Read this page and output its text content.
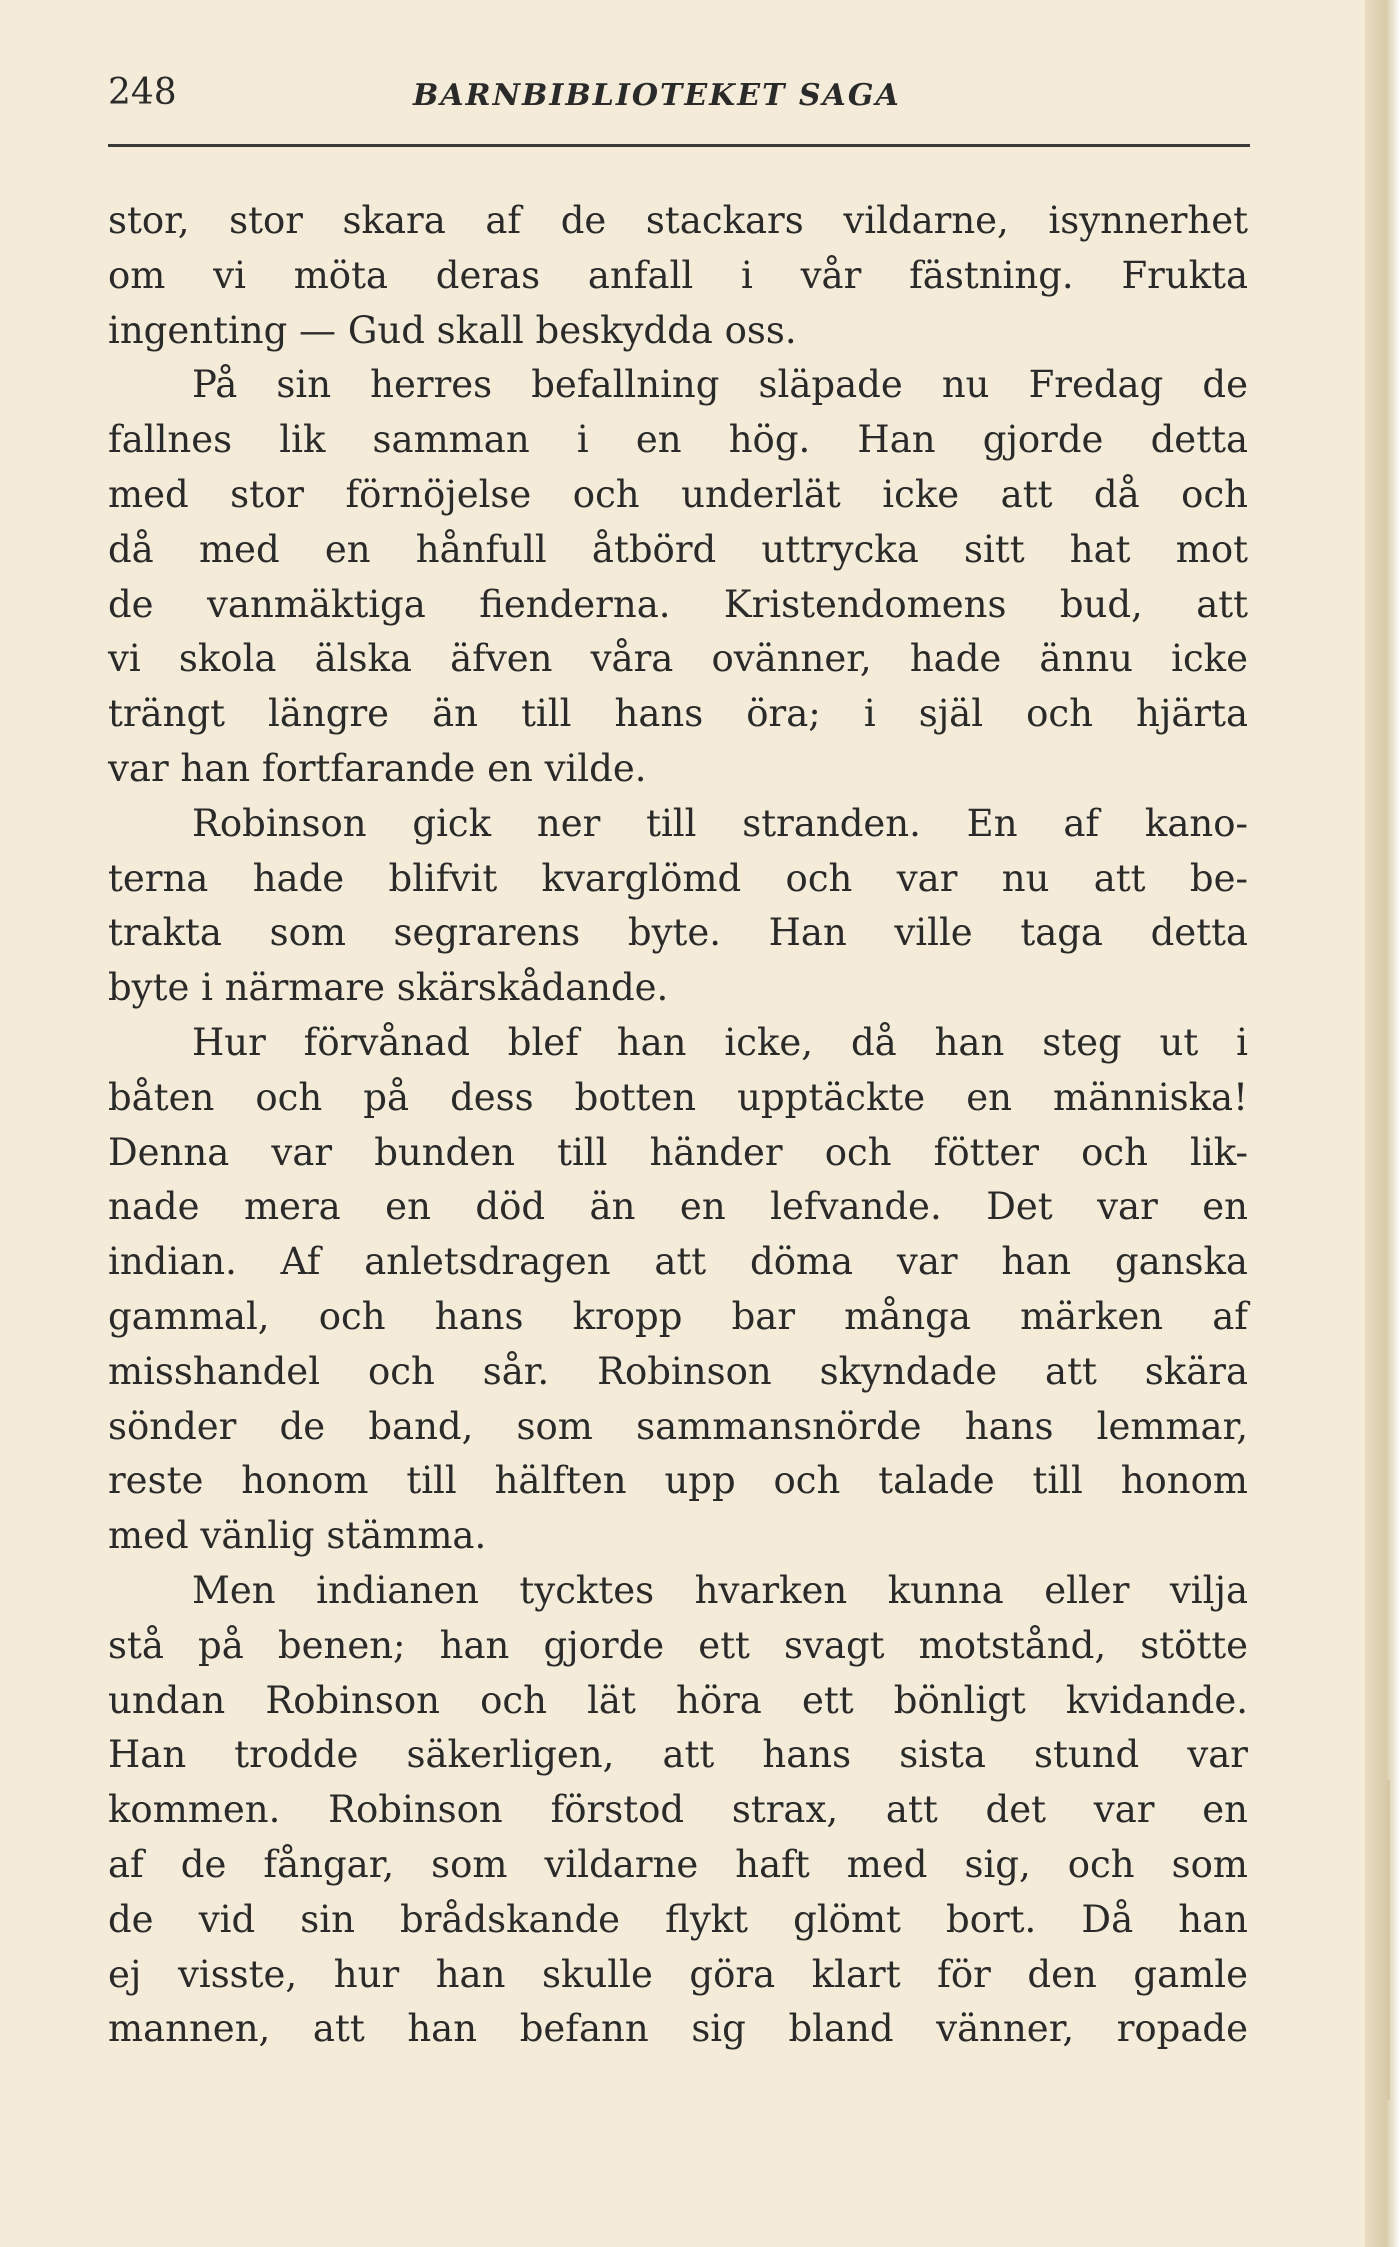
248	BARNBIBLIOTEKET SAGA
stor, stor skara af de stackars vildarne, isynnerhet
om vi möta deras anfall i vår fästning. Frukta
ingenting — Gud skall beskydda oss.
På sin herres befallning släpade nu Fredag de
fallnes lik samman i en hög. Han gjorde detta
med stor förnöjelse och underlät icke att då och
då med en hånfull åtbörd uttrycka sitt hat mot
de vanmäktiga fienderna. Kristendomens bud, att
vi skola älska äfven våra ovänner, hade ännu icke
trängt längre än till hans öra; i själ och hjärta
var han fortfarande en vilde.
Robinson gick ner till stranden. En af kano-
terna hade blifvit kvarglömd och var nu att be-
trakta som segrarens byte. Han ville taga detta
byte i närmare skärskådande.
Hur förvånad blef han icke, då han steg ut i
båten och på dess botten upptäckte en människa!
Denna var bunden till händer och fötter och lik-
nade mera en död än en lefvande. Det var en
indian. Af anletsdragen att döma var han ganska
gammal, och hans kropp bar många märken af
misshandel och sår. Robinson skyndade att skära
sönder de band, som sammansnörde hans lemmar,
reste honom till hälften upp och talade till honom
med vänlig stämma.
Men indianen tycktes hvarken kunna eller vilja
stå på benen; han gjorde ett svagt motstånd, stötte
undan Robinson och lät höra ett bönligt kvidande.
Han trodde säkerligen, att hans sista stund var
kommen. Robinson förstod strax, att det var en
af de fångar, som vildarne haft med sig, och som
de vid sin brådskande flykt glömt bort. Då han
ej visste, hur han skulle göra klart för den gamle
mannen, att han befann sig bland vänner, ropade
